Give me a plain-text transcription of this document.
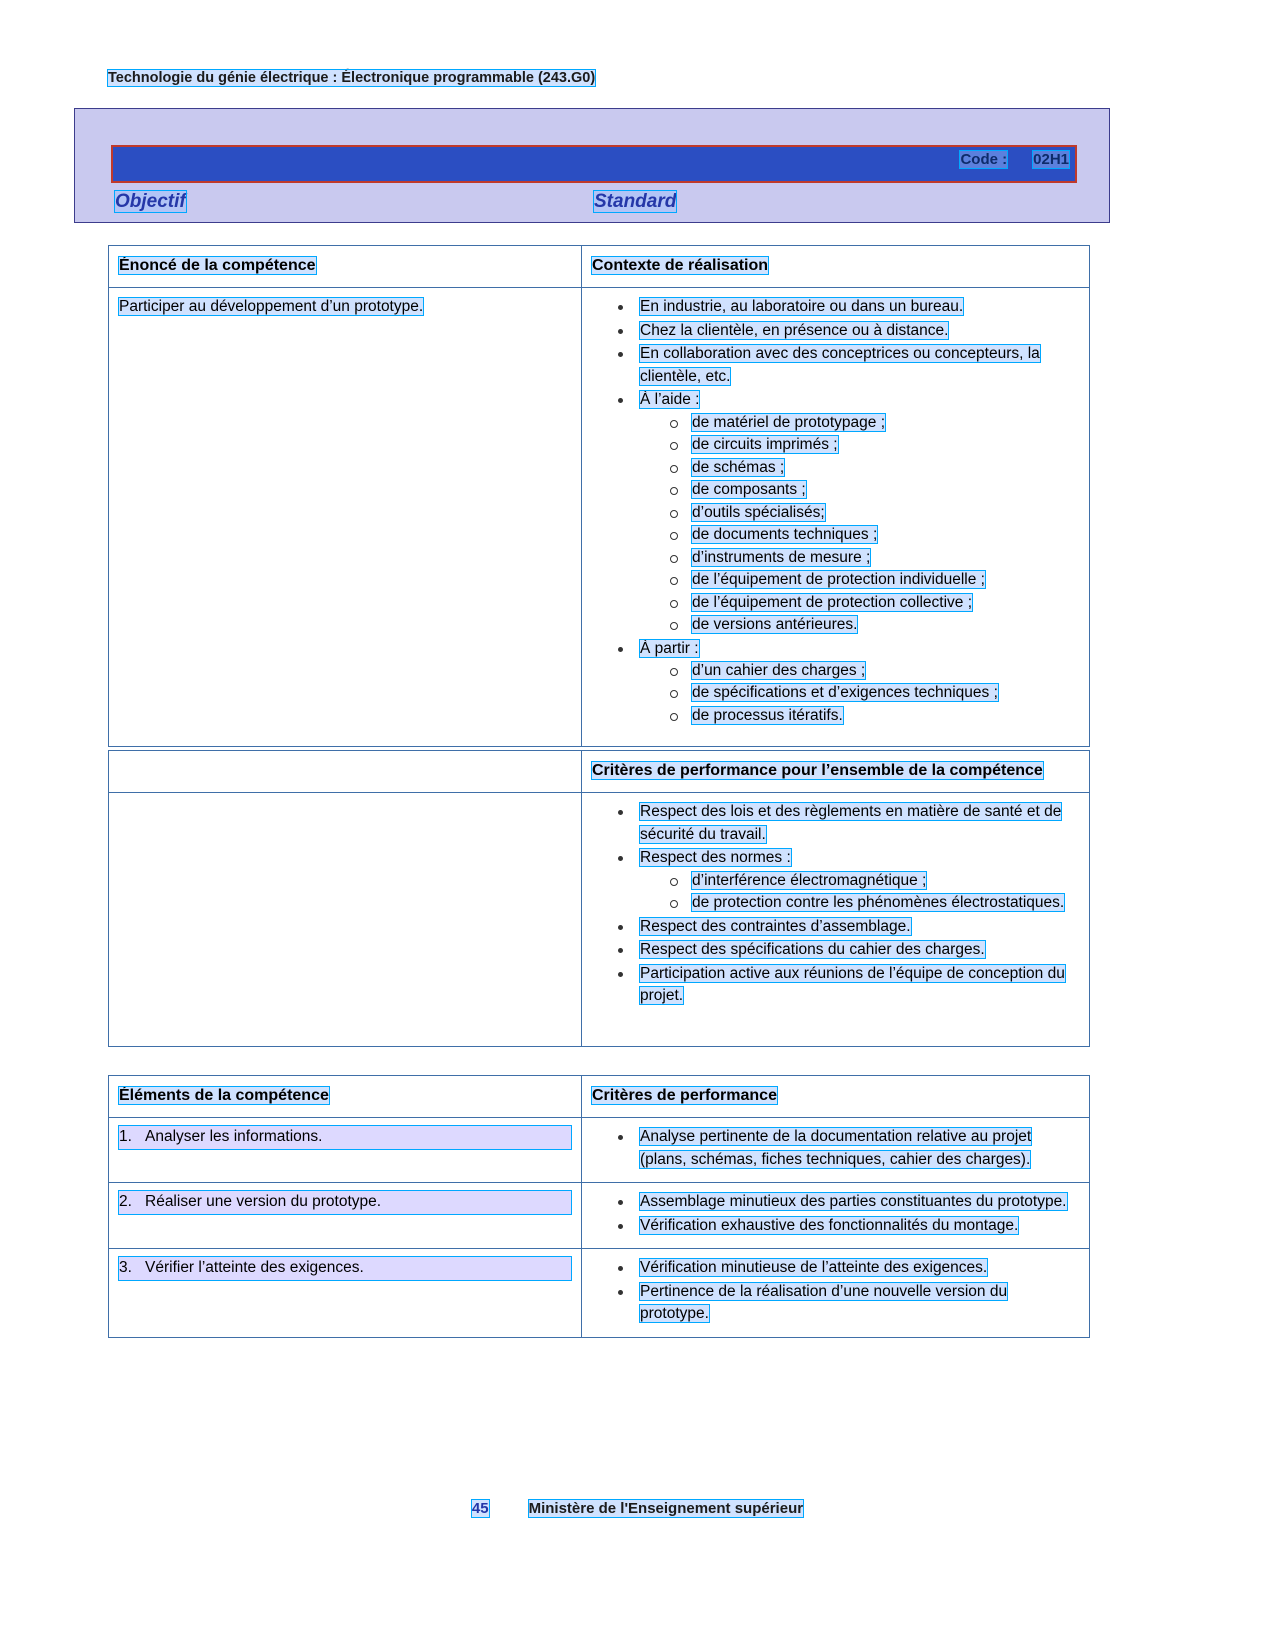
Technologie du génie électrique : Électronique programmable (243.G0)
Code : 02H1
Objectif	Standard
Énoncé de la compétence	Contexte de réalisation
Participer au développement d’un prototype.	En industrie, au laboratoire ou dans un bureau.
Chez la clientèle, en présence ou à distance.
En collaboration avec des conceptrices ou concepteurs, la clientèle, etc.
À l’aide :
de matériel de prototypage ;
de circuits imprimés ;
de schémas ;
de composants ;
d’outils spécialisés;
de documents techniques ;
d’instruments de mesure ;
de l’équipement de protection individuelle ;
de l’équipement de protection collective ;
de versions antérieures.
À partir :
d’un cahier des charges ;
de spécifications et d’exigences techniques ;
de processus itératifs.
	Critères de performance pour l’ensemble de la compétence

Respect des lois et des règlements en matière de santé et de sécurité du travail.
Respect des normes :
d’interférence électromagnétique ;
de protection contre les phénomènes électrostatiques.
Respect des contraintes d’assemblage.
Respect des spécifications du cahier des charges.
Participation active aux réunions de l’équipe de conception du projet.
Éléments de la compétence	Critères de performance

1. Analyser les informations.	Analyse pertinente de la documentation relative au projet (plans, schémas, fiches techniques, cahier des charges).

2. Réaliser une version du prototype.	Assemblage minutieux des parties constituantes du prototype.
Vérification exhaustive des fonctionnalités du montage.

3. Vérifier l’atteinte des exigences.	Vérification minutieuse de l’atteinte des exigences.
Pertinence de la réalisation d’une nouvelle version du prototype.
45	Ministère de l'Enseignement supérieur
